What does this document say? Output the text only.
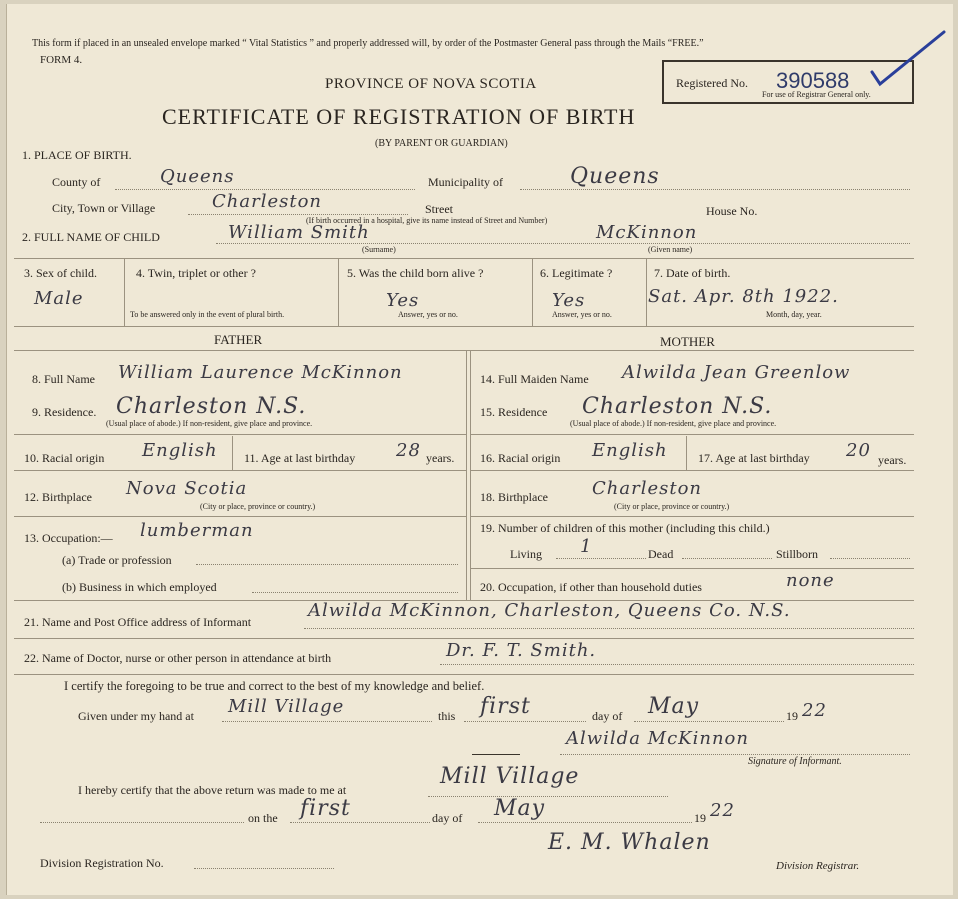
This form if placed in an unsealed envelope marked “ Vital Statistics ” and properly addressed will, by order of the Postmaster General pass through the Mails “FREE.”
FORM 4.
PROVINCE OF NOVA SCOTIA
CERTIFICATE OF REGISTRATION OF BIRTH
(BY PARENT OR GUARDIAN)
Registered No. 390588
For use of Registrar General only.
1. PLACE OF BIRTH.
County of	Queens	Municipality of	Queens
City, Town or Village	Charleston	Street	House No.
(If birth occurred in a hospital, give its name instead of Street and Number)
2. FULL NAME OF CHILD	William Smith
(Surname)
McKinnon
(Given name)
3. Sex of child.
Male
4. Twin, triplet or other ?
To be answered only in the event of plural birth.
5. Was the child born alive ?
Yes
Answer, yes or no.
6. Legitimate ?
Yes
Answer, yes or no.
7. Date of birth.
Sat. Apr. 8th 1922.
Month, day, year.
FATHER	MOTHER
8. Full Name William Laurence McKinnon
9. Residence. Charleston N.S.
(Usual place of abode.) If non-resident, give place and province.
10. Racial origin English 11. Age at last birthday 28 years.
12. Birthplace Nova Scotia
(City or place, province or country.)
13. Occupation:— lumberman
(a) Trade or profession
(b) Business in which employed
14. Full Maiden Name Alwilda Jean Greenlow
15. Residence Charleston N.S.
(Usual place of abode.) If non-resident, give place and province.
16. Racial origin English	17. Age at last birthday 20 years.
18. Birthplace Charleston
(City or place, province or country.)
19. Number of children of this mother (including this child.)
Living 1	Dead	Stillborn
20. Occupation, if other than household duties	none
21. Name and Post Office address of Informant
Alwilda McKinnon, Charleston, Queens Co. N.S.
22. Name of Doctor, nurse or other person in attendance at birth	Dr. F. T. Smith.
I certify the foregoing to be true and correct to the best of my knowledge and belief.
Given under my hand at Mill Village	this first	day of May	19 22
Alwilda McKinnon
Signature of Informant.
I hereby certify that the above return was made to me at
Mill Village
on the first	day of May	19 22
E. M. Whalen
Division Registration No.	Division Registrar.
